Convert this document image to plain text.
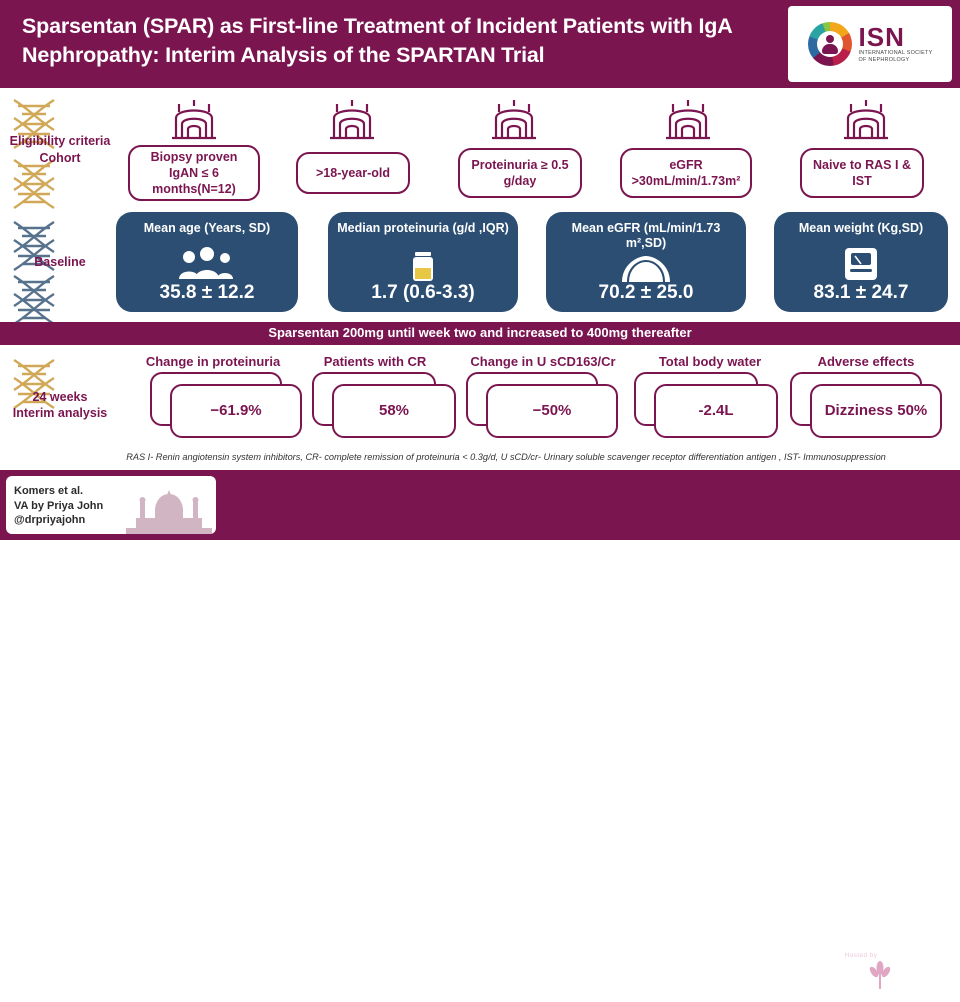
Sparsentan (SPAR) as First-line Treatment of Incident Patients with IgA Nephropathy: Interim Analysis of the SPARTAN Trial
ISN
INTERNATIONAL SOCIETY
OF NEPHROLOGY
Eligibility criteria
Cohort
Baseline
24 weeks
Interim analysis
Biopsy proven IgAN ≤ 6 months(N=12)
>18-year-old
Proteinuria ≥ 0.5 g/day
eGFR >30mL/min/1.73m²
Naive to RAS I & IST
Mean age (Years, SD)
35.8 ± 12.2
Median proteinuria (g/d ,IQR)
1.7 (0.6-3.3)
Mean eGFR (mL/min/1.73 m²,SD)
70.2 ± 25.0
Mean weight (Kg,SD)
83.1 ± 24.7
Sparsentan 200mg until week two and increased to 400mg thereafter
Change in proteinuria	Patients with CR	Change in U sCD163/Cr	Total body water	Adverse effects
−61.9%	58%	−50%	-2.4L	Dizziness 50%
RAS I- Renin angiotensin system inhibitors, CR- complete remission of proteinuria < 0.3g/d, U sCD/cr- Urinary soluble scavenger receptor differentiation antigen , IST- Immunosuppression
Conclusions: The interim findings of the SPARTAN trial show that SPAR as first-line treatment was generally well tolerated and reduced proteinuria ≈70% over 24 week in newly diagnosed IgAN patients.
Hosted by
WCN 25
Komers et al.
VA by Priya John
@drpriyajohn
